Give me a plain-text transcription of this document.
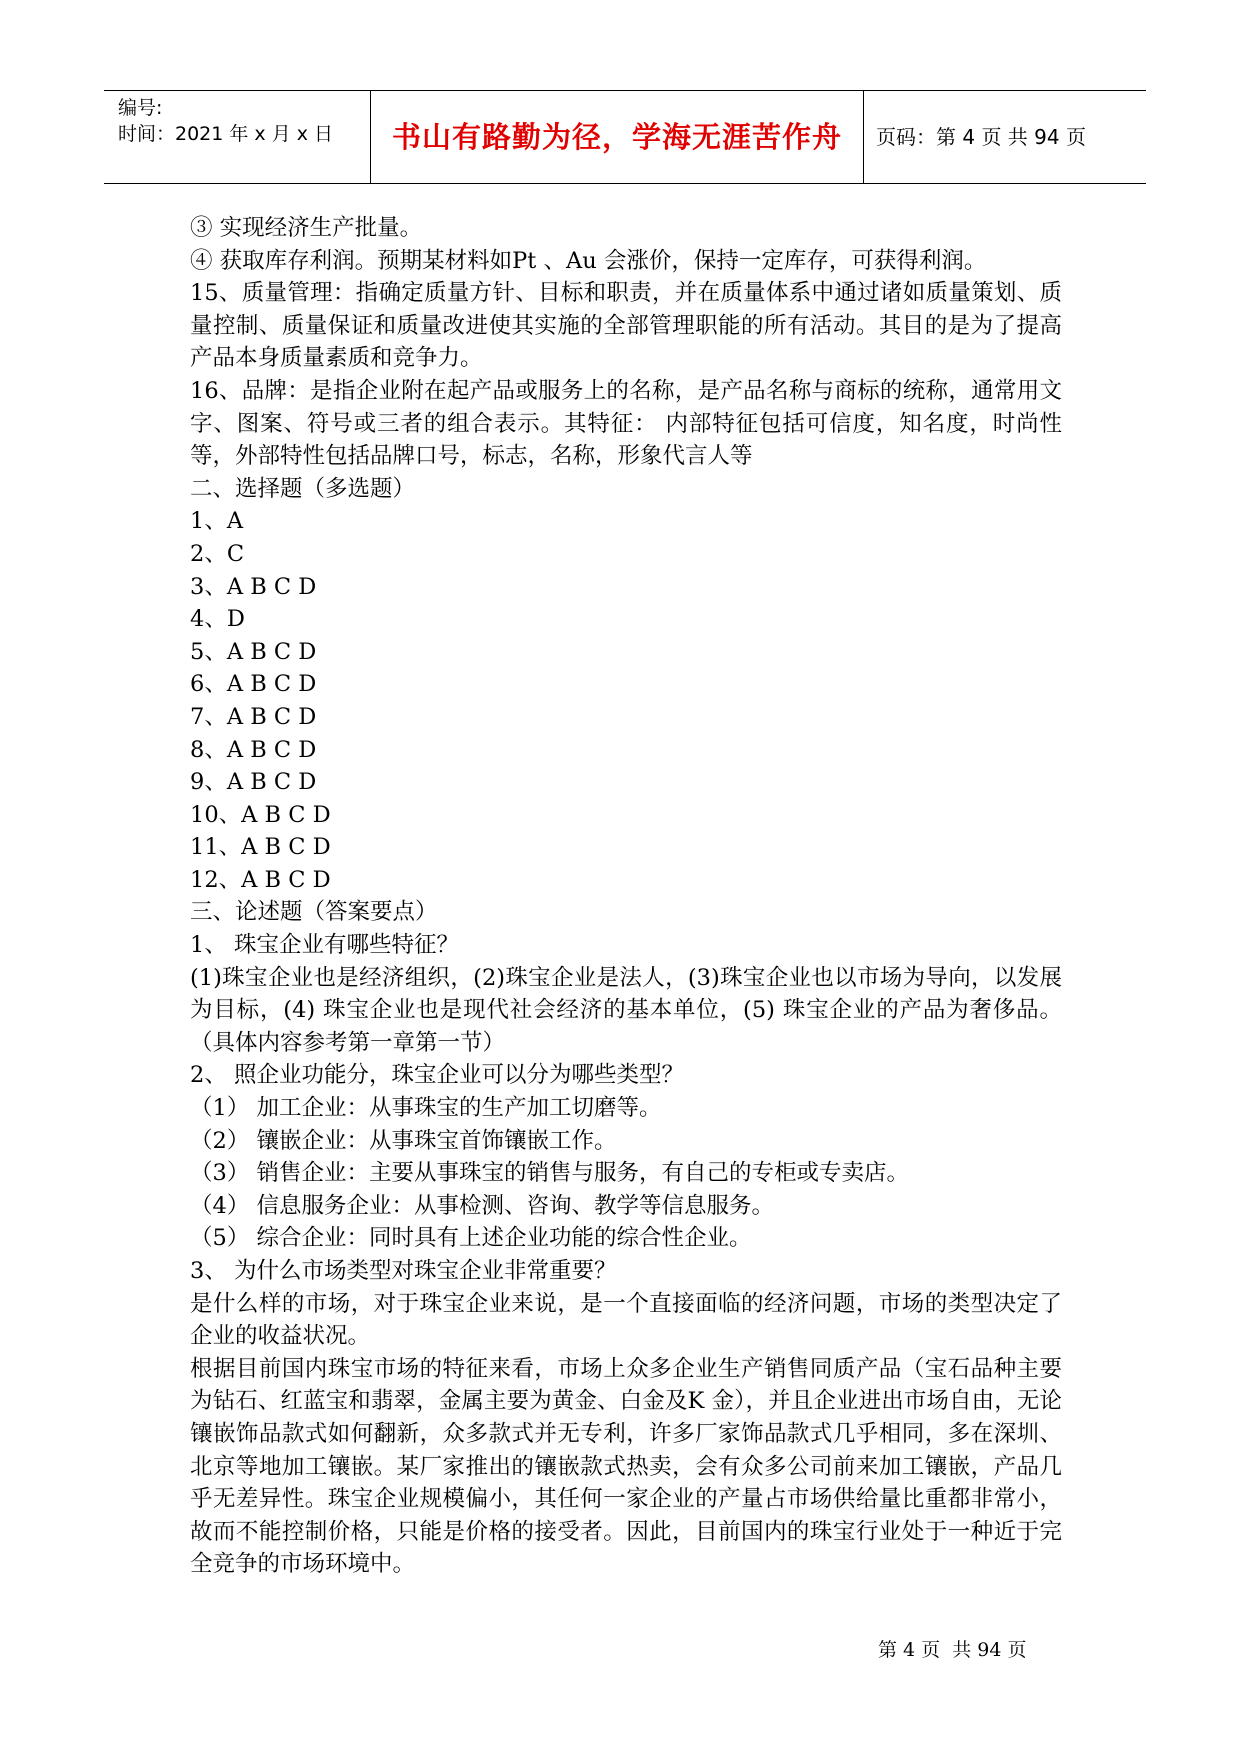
编号:
时间：2021 年 x 月 x 日	书山有路勤为径，学海无涯苦作舟	页码：第 4 页 共 94 页

③ 实现经济生产批量。

④ 获取库存利润。预期某材料如Pt 、Au 会涨价，保持一定库存，可获得利润。

15、质量管理：指确定质量方针、目标和职责，并在质量体系中通过诸如质量策划、质量控制、质量保证和质量改进使其实施的全部管理职能的所有活动。其目的是为了提高产品本身质量素质和竞争力。

16、品牌：是指企业附在起产品或服务上的名称，是产品名称与商标的统称，通常用文字、图案、符号或三者的组合表示。其特征： 内部特征包括可信度，知名度，时尚性等，外部特性包括品牌口号，标志，名称，形象代言人等

二、选择题（多选题）

1、A

2、C

3、A B C D

4、D

5、A B C D

6、A B C D

7、A B C D

8、A B C D

9、A B C D

10、A B C D

11、A B C D

12、A B C D

三、论述题（答案要点）

1、 珠宝企业有哪些特征？

(1)珠宝企业也是经济组织，(2)珠宝企业是法人，(3)珠宝企业也以市场为导向，以发展为目标，(4) 珠宝企业也是现代社会经济的基本单位，(5) 珠宝企业的产品为奢侈品。（具体内容参考第一章第一节）

2、 照企业功能分，珠宝企业可以分为哪些类型？

（1） 加工企业：从事珠宝的生产加工切磨等。

（2） 镶嵌企业：从事珠宝首饰镶嵌工作。

（3） 销售企业：主要从事珠宝的销售与服务，有自己的专柜或专卖店。

（4） 信息服务企业：从事检测、咨询、教学等信息服务。

（5） 综合企业：同时具有上述企业功能的综合性企业。

3、 为什么市场类型对珠宝企业非常重要？

是什么样的市场，对于珠宝企业来说，是一个直接面临的经济问题，市场的类型决定了企业的收益状况。

根据目前国内珠宝市场的特征来看，市场上众多企业生产销售同质产品（宝石品种主要为钻石、红蓝宝和翡翠，金属主要为黄金、白金及K 金），并且企业进出市场自由，无论镶嵌饰品款式如何翻新，众多款式并无专利，许多厂家饰品款式几乎相同，多在深圳、北京等地加工镶嵌。某厂家推出的镶嵌款式热卖，会有众多公司前来加工镶嵌，产品几乎无差异性。珠宝企业规模偏小，其任何一家企业的产量占市场供给量比重都非常小，故而不能控制价格，只能是价格的接受者。因此，目前国内的珠宝行业处于一种近于完全竞争的市场环境中。

第 4 页  共 94 页
